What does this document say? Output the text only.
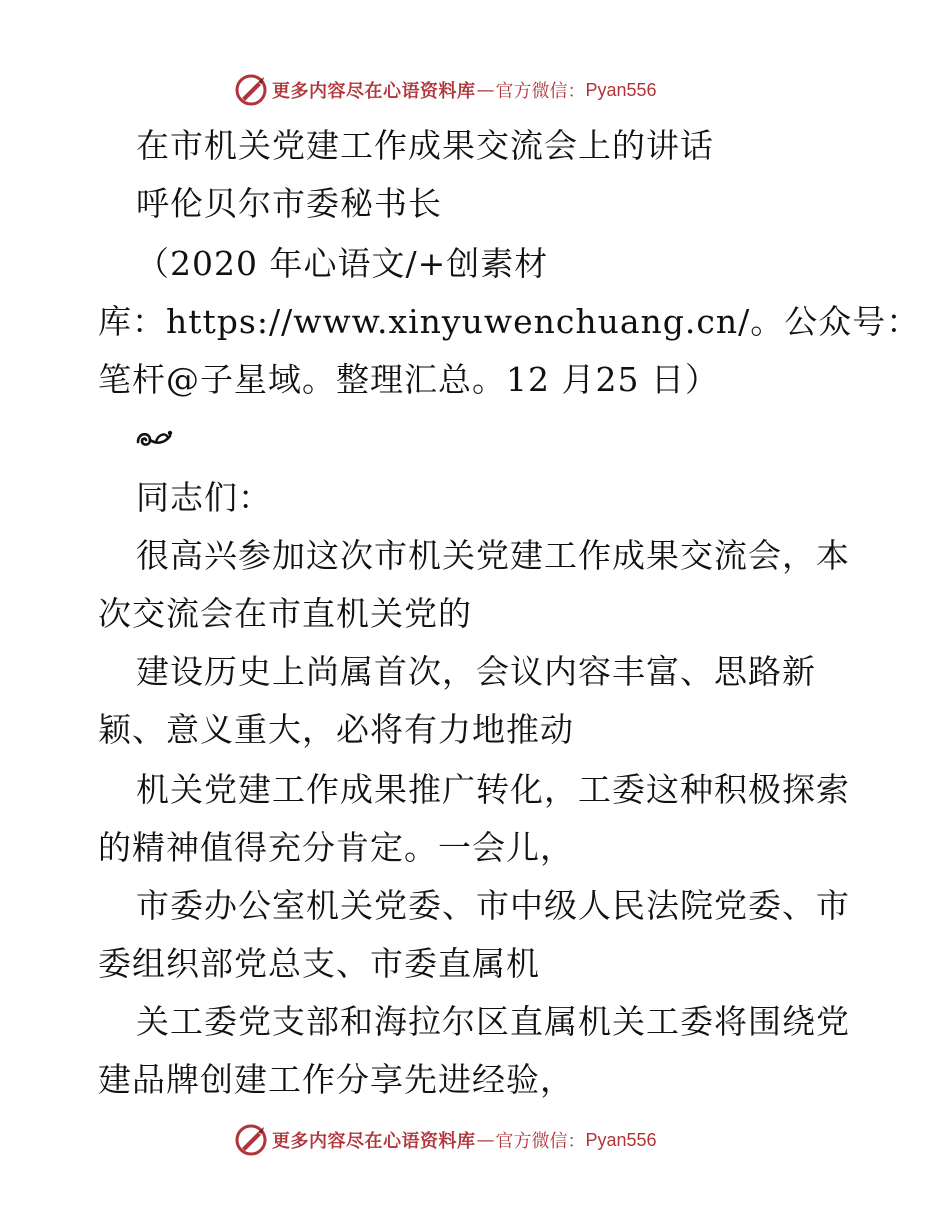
更多内容尽在心语资料库 — 官方微信： Pyan556
在市机关党建工作成果交流会上的讲话
呼伦贝尔市委秘书长
（2020 年心语文/+创素材
库：https://www.xinyuwenchuang.cn/。公众号：
笔杆@子星域。整理汇总。12 月25 日）
同志们：
很高兴参加这次市机关党建工作成果交流会，本
次交流会在市直机关党的
建设历史上尚属首次，会议内容丰富、思路新
颖、意义重大，必将有力地推动
机关党建工作成果推广转化，工委这种积极探索
的精神值得充分肯定。一会儿，
市委办公室机关党委、市中级人民法院党委、市
委组织部党总支、市委直属机
关工委党支部和海拉尔区直属机关工委将围绕党
建品牌创建工作分享先进经验，
更多内容尽在心语资料库 — 官方微信： Pyan556
